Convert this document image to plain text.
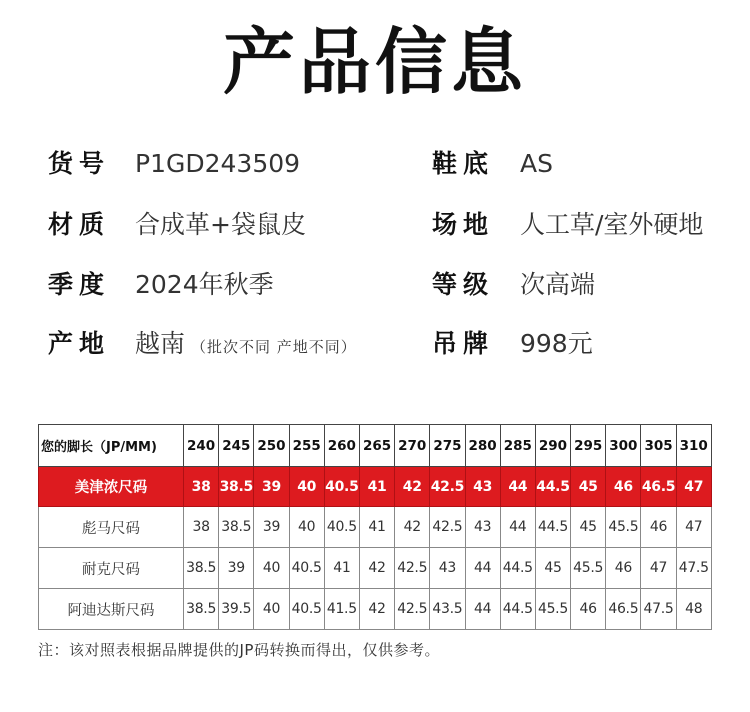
产品信息
货号 P1GD243509	鞋底 AS
材质 合成革+袋鼠皮	场地 人工草/室外硬地
季度 2024年秋季	等级 次高端
产地 越南 （批次不同 产地不同）	吊牌 998元
您的脚长（JP/MM)	240	245	250	255	260	265	270	275	280	285	290	295	300	305	310
美津浓尺码	38	38.5	39	40	40.5	41	42	42.5	43	44	44.5	45	46	46.5	47
彪马尺码	38	38.5	39	40	40.5	41	42	42.5	43	44	44.5	45	45.5	46	47
耐克尺码	38.5	39	40	40.5	41	42	42.5	43	44	44.5	45	45.5	46	47	47.5
阿迪达斯尺码	38.5	39.5	40	40.5	41.5	42	42.5	43.5	44	44.5	45.5	46	46.5	47.5	48
注：该对照表根据品牌提供的JP码转换而得出，仅供参考。
